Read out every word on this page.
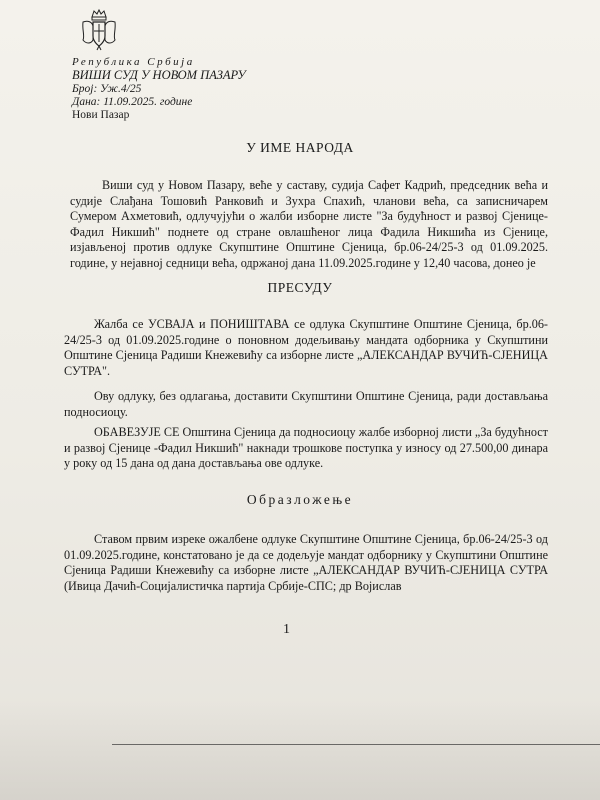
Република Србија
ВИШИ СУД У НОВОМ ПАЗАРУ
Број: Уж.4/25
Дана: 11.09.2025. године
Нови Пазар
У ИМЕ НАРОДА
Виши суд у Новом Пазару, веће у саставу, судија Сафет Кадрић, председник већа и судије Слађана Тошовић Ранковић и Зухра Спахић, чланови већа, са записничарем Сумером Ахметовић, одлучујући о жалби изборне листе "За будућност и развој Сјенице-Фадил Никшић" поднете од стране овлашћеног лица Фадила Никшића из Сјенице, изјављеној против одлуке Скупштине Општине Сјеница, бр.06-24/25-3 од 01.09.2025. године, у нејавној седници већа, одржаној дана 11.09.2025.године у 12,40 часова, донео је
ПРЕСУДУ
Жалба се УСВАЈА и ПОНИШТАВА се одлука Скупштине Општине Сјеница, бр.06-24/25-3 од 01.09.2025.године о поновном додељивању мандата одборника у Скупштини Општине Сјеница Радиши Кнежевићу са изборне листе „АЛЕКСАНДАР ВУЧИЋ-СЈЕНИЦА СУТРА".
Ову одлуку, без одлагања, доставити Скупштини Општине Сјеница, ради достављања подносиоцу.
ОБАВЕЗУЈЕ СЕ Општина Сјеница да подносиоцу жалбе изборној листи „За будућност и развој Сјенице -Фадил Никшић" накнади трошкове поступка у износу од 27.500,00 динара у року од 15 дана од дана достављања ове одлуке.
Образложење
Ставом првим изреке ожалбене одлуке Скупштине Општине Сјеница, бр.06-24/25-3 од 01.09.2025.године, констатовано је да се додељује мандат одборнику у Скупштини Општине Сјеница Радиши Кнежевићу са изборне листе „АЛЕКСАНДАР ВУЧИЋ-СЈЕНИЦА СУТРА (Ивица Дачић-Социјалистичка партија Србије-СПС; др Војислав
1
